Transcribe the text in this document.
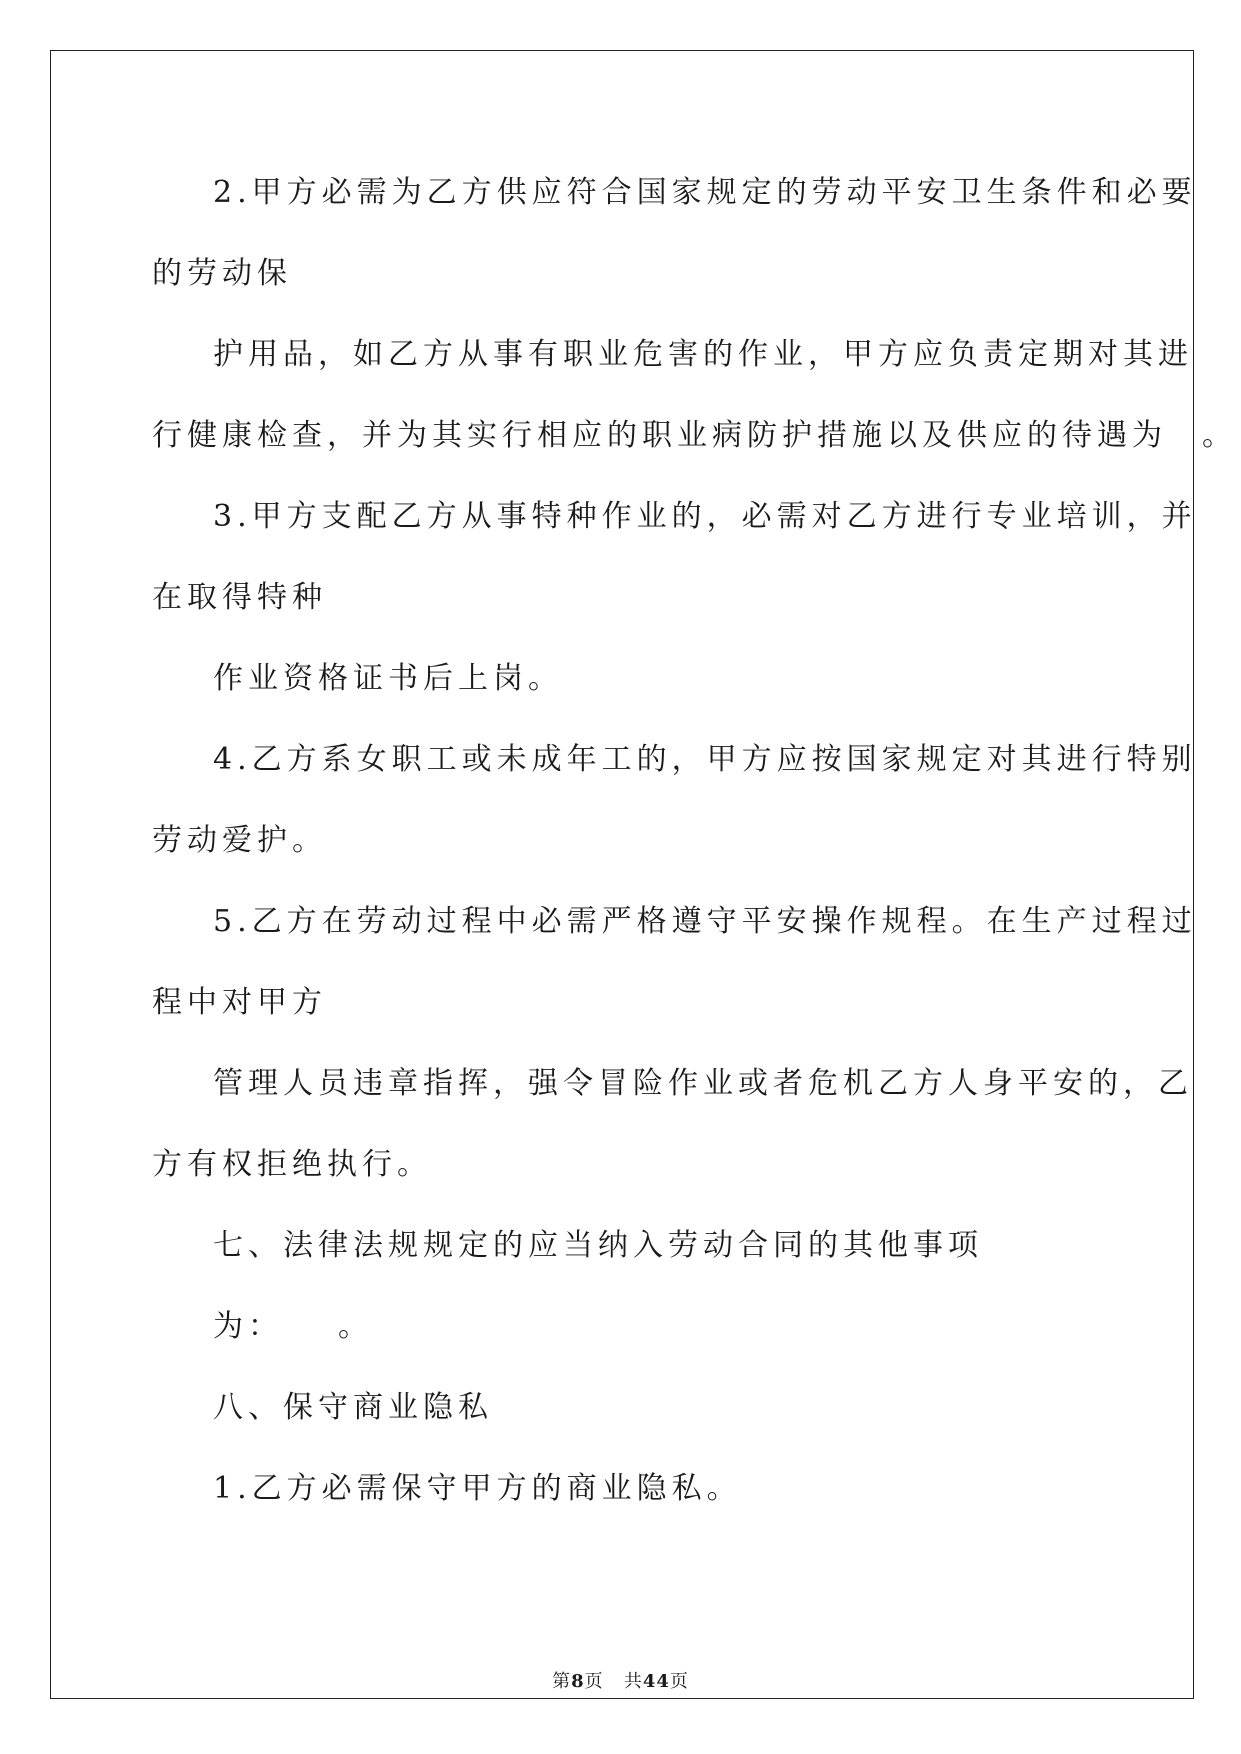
2.甲方必需为乙方供应符合国家规定的劳动平安卫生条件和必要
的劳动保
护用品，如乙方从事有职业危害的作业，甲方应负责定期对其进
行健康检查，并为其实行相应的职业病防护措施以及供应的待遇为　。
3.甲方支配乙方从事特种作业的，必需对乙方进行专业培训，并
在取得特种
作业资格证书后上岗。
4.乙方系女职工或未成年工的，甲方应按国家规定对其进行特别
劳动爱护。
5.乙方在劳动过程中必需严格遵守平安操作规程。在生产过程过
程中对甲方
管理人员违章指挥，强令冒险作业或者危机乙方人身平安的，乙
方有权拒绝执行。
七、法律法规规定的应当纳入劳动合同的其他事项
为：　　。
八、保守商业隐私
1.乙方必需保守甲方的商业隐私。
第8页 共44页
